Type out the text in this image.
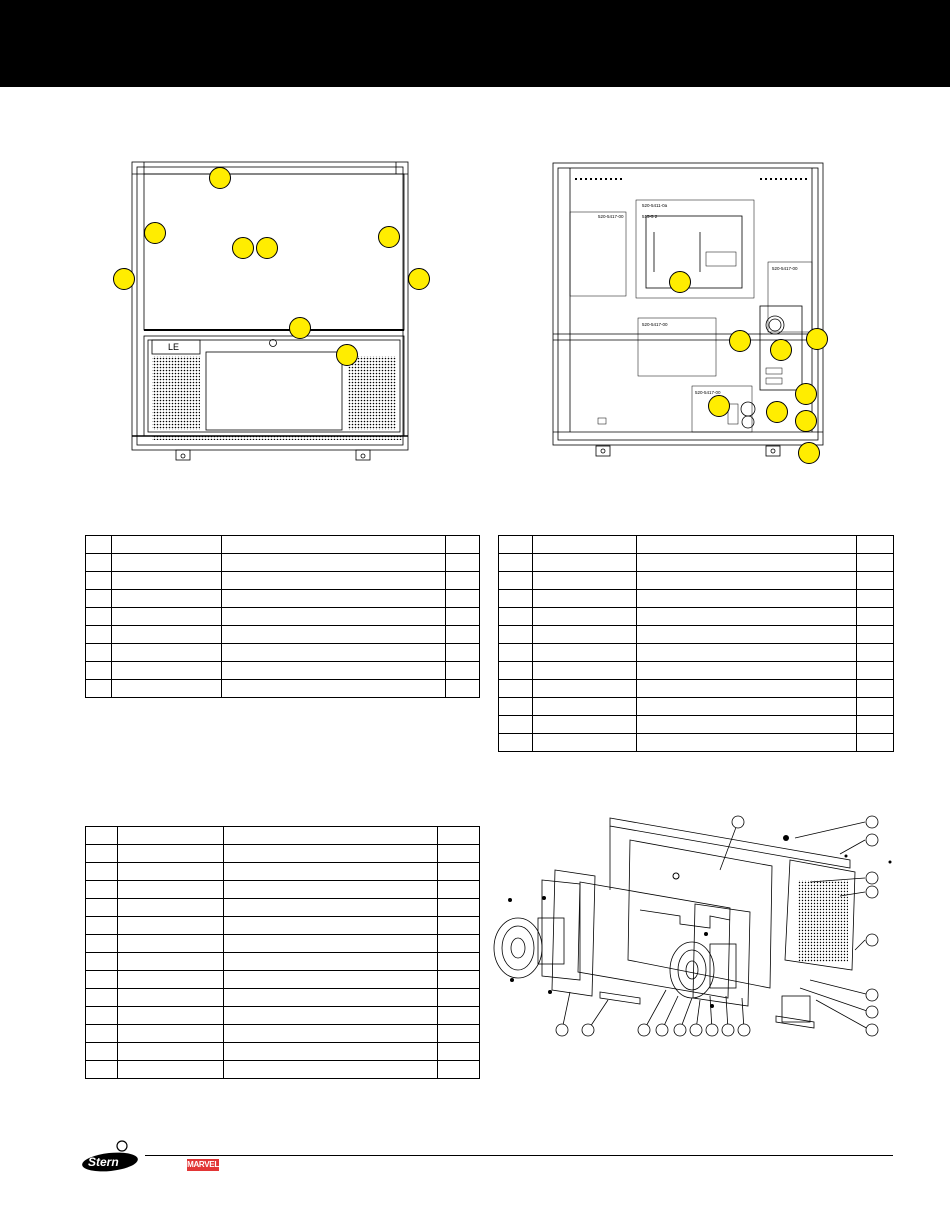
LE
520-5417-00
520-5411-0a
515-5 2
520-5417-00
520-5417-00
520-5417-00

Stern	MARVEL
